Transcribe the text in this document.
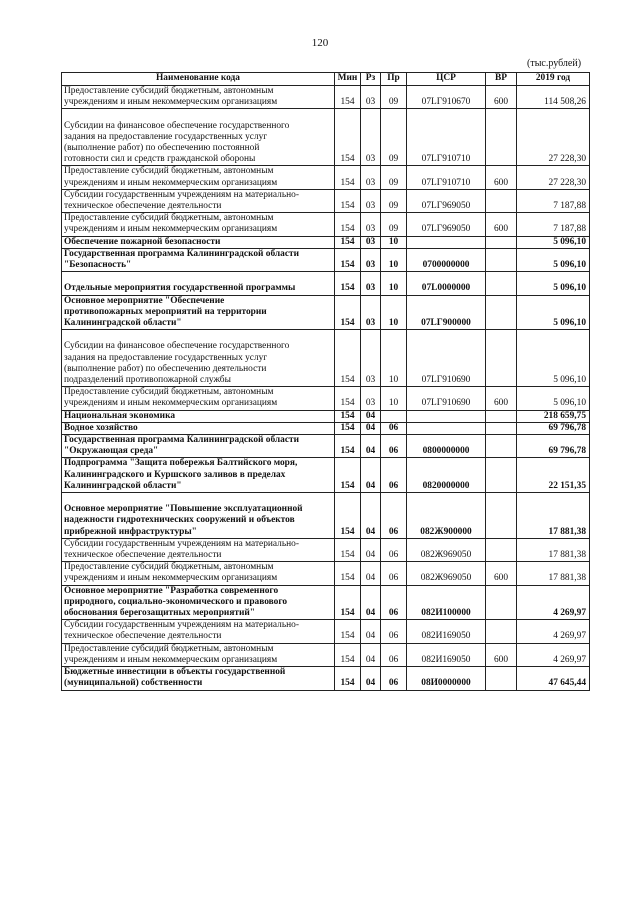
120
(тыс.рублей)
Наименование кода	Мин	Рз	Пр	ЦСР	ВР	2019 год

Предоставление субсидий бюджетным, автономным
учреждениям и иным некоммерческим организациям	154	03	09	07LГ910670	600	114 508,26

Субсидии на финансовое обеспечение государственного
задания на предоставление государственных услуг
(выполнение работ) по обеспечению постоянной
готовности сил и средств гражданской обороны	154	03	09	07LГ910710		27 228,30

Предоставление субсидий бюджетным, автономным
учреждениям и иным некоммерческим организациям	154	03	09	07LГ910710	600	27 228,30

Субсидии государственным учреждениям на материально-
техническое обеспечение деятельности	154	03	09	07LГ969050		7 187,88

Предоставление субсидий бюджетным, автономным
учреждениям и иным некоммерческим организациям	154	03	09	07LГ969050	600	7 187,88

Обеспечение пожарной безопасности	154	03	10			5 096,10

Государственная программа Калининградской области
"Безопасность"	154	03	10	0700000000		5 096,10

Отдельные мероприятия государственной программы	154	03	10	07L0000000		5 096,10

Основное мероприятие "Обеспечение
противопожарных мероприятий на территории
Калининградской области"	154	03	10	07LГ900000		5 096,10

Субсидии на финансовое обеспечение государственного
задания на предоставление государственных услуг
(выполнение работ) по обеспечению деятельности
подразделений противопожарной службы	154	03	10	07LГ910690		5 096,10

Предоставление субсидий бюджетным, автономным
учреждениям и иным некоммерческим организациям	154	03	10	07LГ910690	600	5 096,10

Национальная экономика	154	04				218 659,75

Водное хозяйство	154	04	06			69 796,78

Государственная программа Калининградской области
"Окружающая среда"	154	04	06	0800000000		69 796,78

Подпрограмма "Защита побережья Балтийского моря,
Калининградского и Куршского заливов в пределах
Калининградской области"	154	04	06	0820000000		22 151,35

Основное мероприятие "Повышение эксплуатационной
надежности гидротехнических сооружений и объектов
прибрежной инфраструктуры"	154	04	06	082Ж900000		17 881,38

Субсидии государственным учреждениям на материально-
техническое обеспечение деятельности	154	04	06	082Ж969050		17 881,38

Предоставление субсидий бюджетным, автономным
учреждениям и иным некоммерческим организациям	154	04	06	082Ж969050	600	17 881,38

Основное мероприятие "Разработка современного
природного, социально-экономического и правового
обоснования берегозащитных мероприятий"	154	04	06	082И100000		4 269,97

Субсидии государственным учреждениям на материально-
техническое обеспечение деятельности	154	04	06	082И169050		4 269,97

Предоставление субсидий бюджетным, автономным
учреждениям и иным некоммерческим организациям	154	04	06	082И169050	600	4 269,97

Бюджетные инвестиции в объекты государственной
(муниципальной) собственности	154	04	06	08И0000000		47 645,44
